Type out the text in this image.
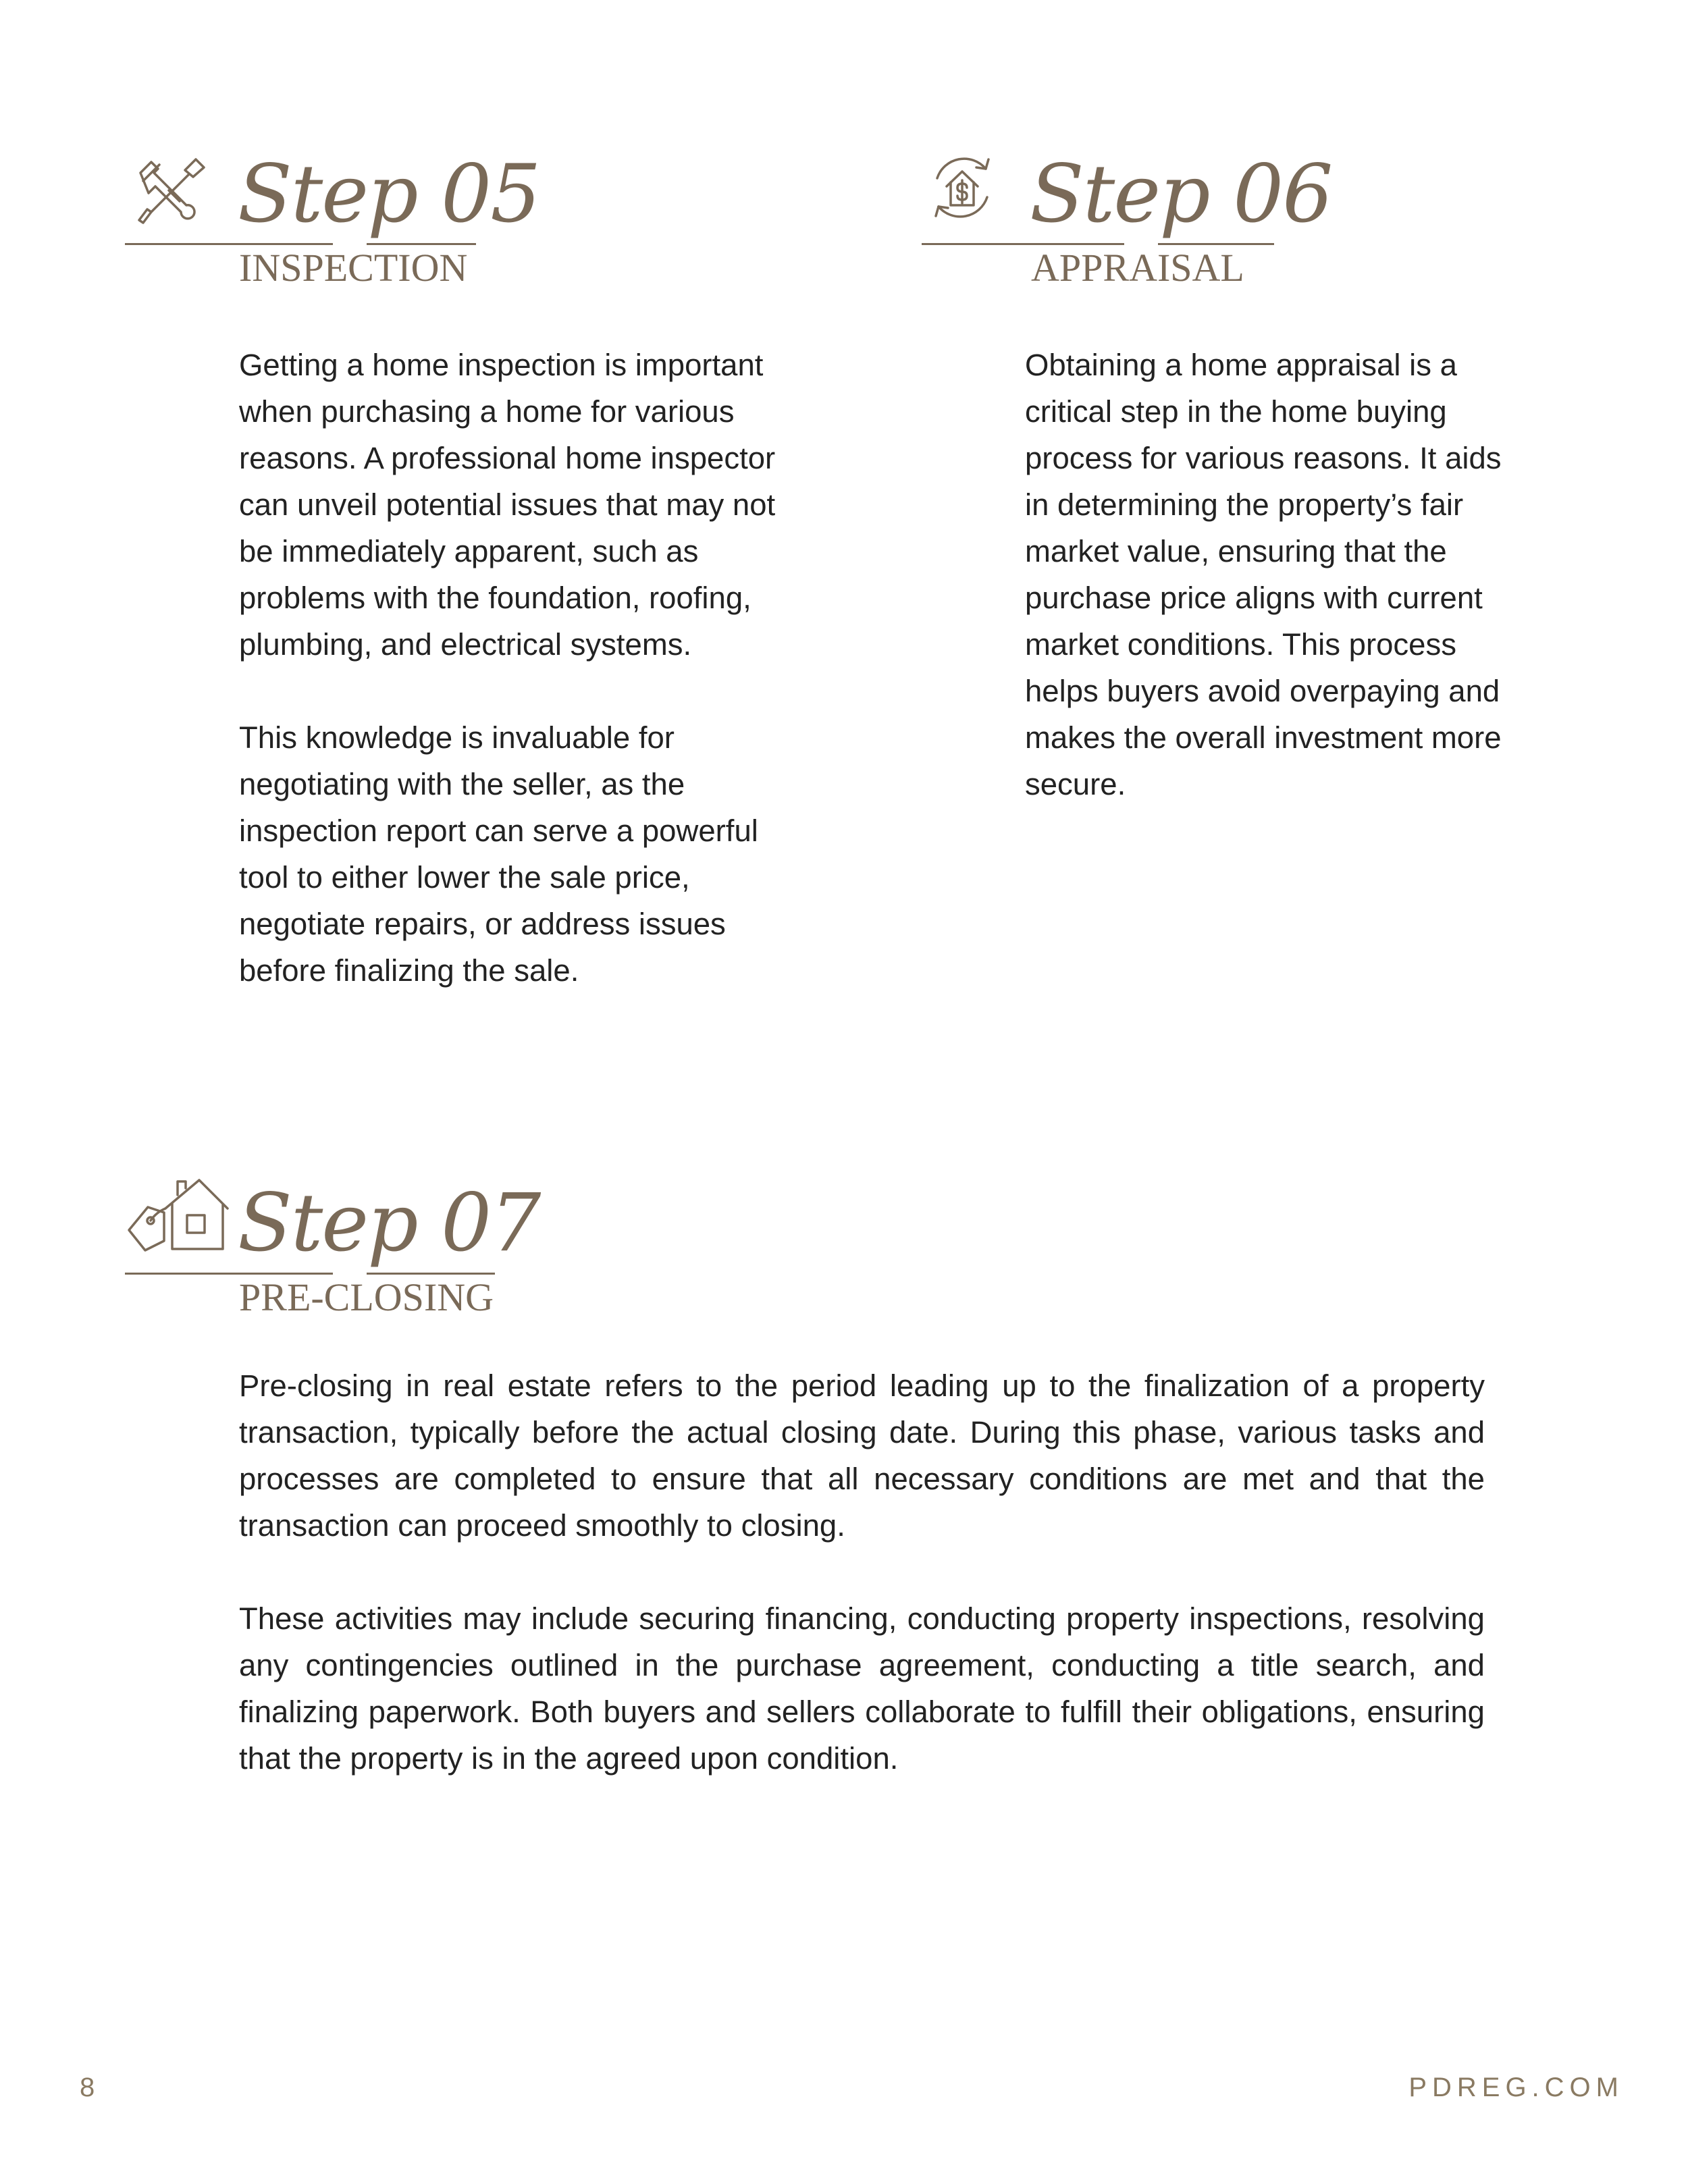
Step 05
INSPECTION

Getting a home inspection is important when purchasing a home for various reasons. A professional home inspector can unveil potential issues that may not be immediately apparent, such as problems with the foundation, roofing, plumbing, and electrical systems.

This knowledge is invaluable for negotiating with the seller, as the inspection report can serve a powerful tool to either lower the sale price, negotiate repairs, or address issues before finalizing the sale.

Step 06
APPRAISAL

Obtaining a home appraisal is a critical step in the home buying process for various reasons. It aids in determining the property’s fair market value, ensuring that the purchase price aligns with current market conditions. This process helps buyers avoid overpaying and makes the overall investment more secure.

Step 07
PRE-CLOSING

Pre-closing in real estate refers to the period leading up to the finalization of a property transaction, typically before the actual closing date. During this phase, various tasks and processes are completed to ensure that all necessary conditions are met and that the transaction can proceed smoothly to closing.

These activities may include securing financing, conducting property inspections, resolving any contingencies outlined in the purchase agreement, conducting a title search, and finalizing paperwork. Both buyers and sellers collaborate to fulfill their obligations, ensuring that the property is in the agreed upon condition.

8	PDREG.COM
